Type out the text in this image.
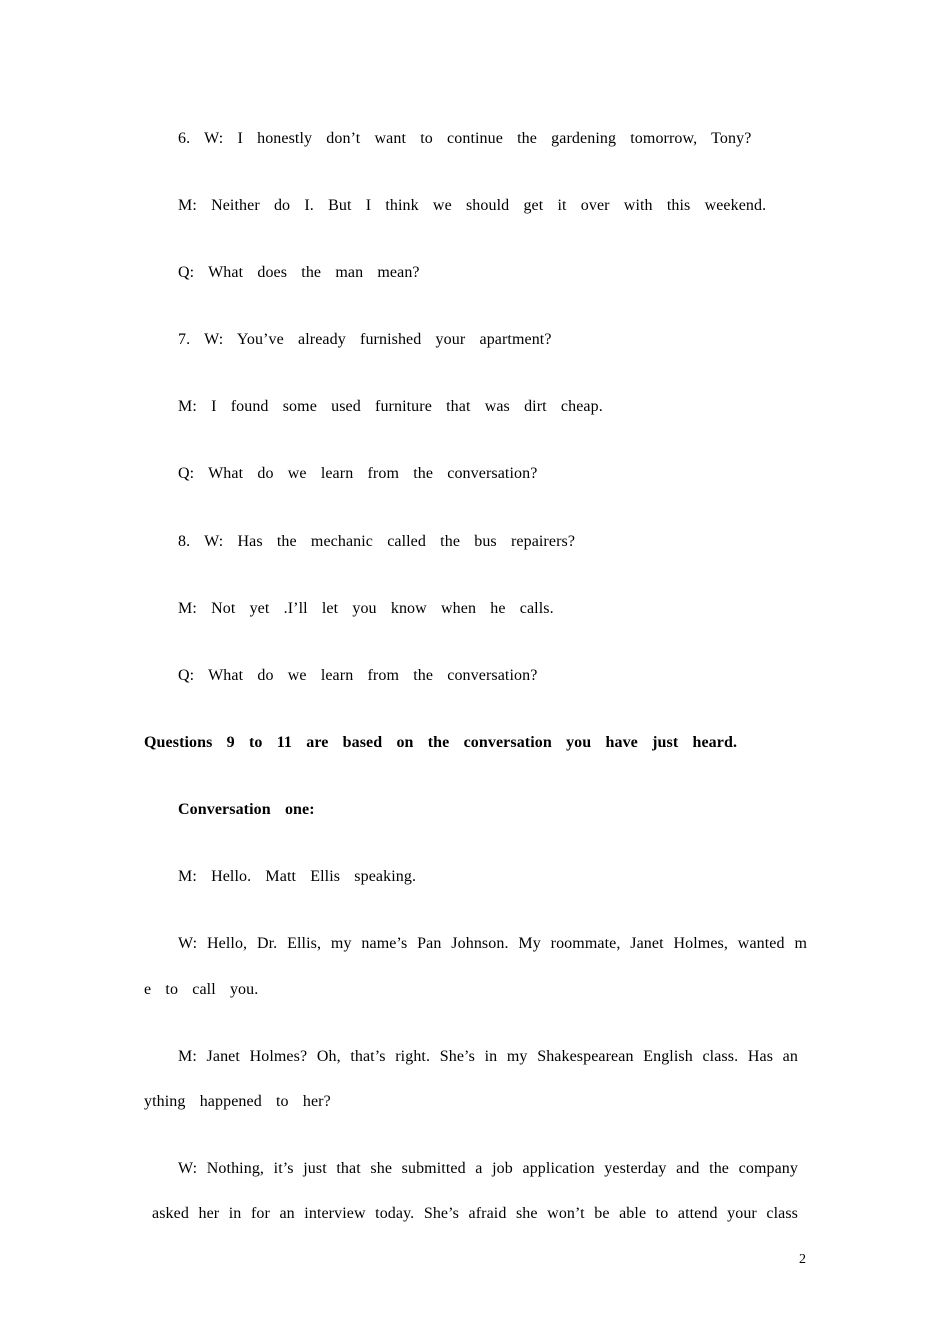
6.  W:  I  honestly  don’t  want  to  continue  the  gardening  tomorrow,  Tony?
M:  Neither  do  I.  But  I  think  we  should  get  it  over  with  this  weekend.
Q:  What  does  the  man  mean?
7.  W:  You’ve  already  furnished  your  apartment?
M:  I  found  some  used  furniture  that  was  dirt  cheap.
Q:  What  do  we  learn  from  the  conversation?
8.  W:  Has  the  mechanic  called  the  bus  repairers?
M:  Not  yet  .I’ll  let  you  know  when  he  calls.
Q:  What  do  we  learn  from  the  conversation?
Questions  9  to  11  are  based  on  the  conversation  you  have  just  heard.
Conversation  one:
M:  Hello.  Matt  Ellis  speaking.
W: Hello, Dr. Ellis, my name’s Pan Johnson. My roommate, Janet Holmes, wanted m
e  to  call  you.
M: Janet Holmes? Oh, that’s right. She’s in my Shakespearean English class. Has an
ything  happened  to  her?
W: Nothing, it’s just that she submitted a job application yesterday and the company
asked her in for an interview today. She’s afraid she won’t be able to attend your class
2
